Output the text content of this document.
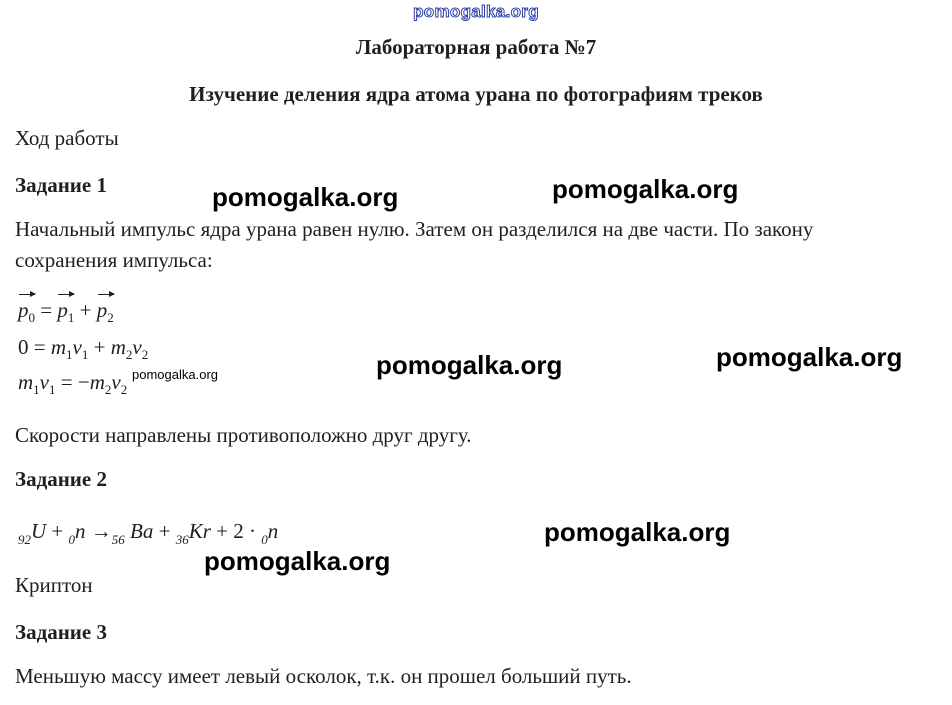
pomogalka.org
Лабораторная работа №7
Изучение деления ядра атома урана по фотографиям треков
Ход работы
Задание 1
Начальный импульс ядра урана равен нулю. Затем он разделился на две части. По закону
сохранения импульса:
$p_0 = p_1 + p_2$
$0 = m_1v_1 + m_2v_2$
$m_1v_1 = -m_2v_2$
Скорости направлены противоположно друг другу.
Задание 2
$_{92}U + _0n \to_{56}$ Ba + $_{36}$Kr + 2 · $_0$n
Криптон
Задание 3
Меньшую массу имеет левый осколок, т.к. он прошел больший путь.
pomogalka.org	pomogalka.org
pomogalka.org	pomogalka.org
pomogalka.org
pomogalka.org
pomogalka.org
